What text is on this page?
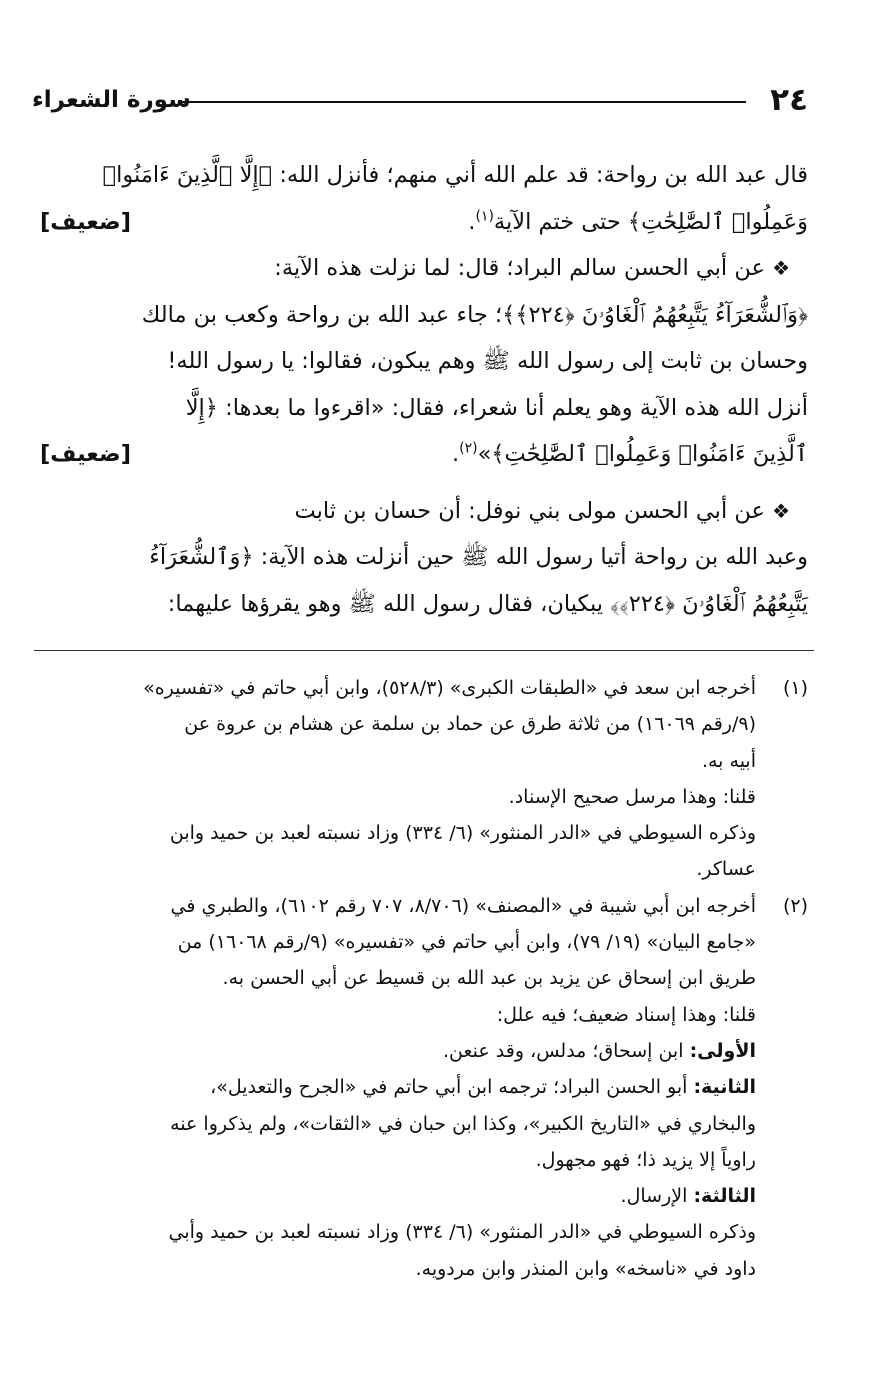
٢٤
سورة الشعراء

قال عبد الله بن رواحة: قد علم الله أني منهم؛ فأنزل الله: ﴿إِلَّا ٱلَّذِينَ ءَامَنُوا۟

[ضعيف]	وَعَمِلُوا۟ ٱلصَّٰلِحَٰتِ﴾ حتى ختم الآية$^{(١)}$.

❖ عن أبي الحسن سالم البراد؛ قال: لما نزلت هذه الآية:
﴿وَٱلشُّعَرَآءُ يَتَّبِعُهُمُ ٱلْغَاوُۥنَ ﴿٢٢٤﴾﴾؛ جاء عبد الله بن رواحة وكعب بن مالك
وحسان بن ثابت إلى رسول الله ﷺ وهم يبكون، فقالوا: يا رسول الله!
أنزل الله هذه الآية وهو يعلم أنا شعراء، فقال: «اقرءوا ما بعدها: ﴿إِلَّا

[ضعيف]	ٱلَّذِينَ ءَامَنُوا۟ وَعَمِلُوا۟ ٱلصَّٰلِحَٰتِ﴾»$^{(٢)}$.

❖ عن أبي الحسن مولى بني نوفل: أن حسان بن ثابت
وعبد الله بن رواحة أتيا رسول الله ﷺ حين أنزلت هذه الآية: ﴿وَٱلشُّعَرَآءُ
يَتَّبِعُهُمُ ٱلْغَاوُۥنَ ﴿٢٢٤﴾﴾ يبكيان، فقال رسول الله ﷺ وهو يقرؤها عليهما:

(١)

أخرجه ابن سعد في «الطبقات الكبرى» (٥٢٨/٣)، وابن أبي حاتم في «تفسيره»

(٩/رقم ١٦٠٦٩) من ثلاثة طرق عن حماد بن سلمة عن هشام بن عروة عن

أبيه به.

قلنا: وهذا مرسل صحيح الإسناد.

وذكره السيوطي في «الدر المنثور» (٦/ ٣٣٤) وزاد نسبته لعبد بن حميد وابن

عساكر.

(٢)

أخرجه ابن أبي شيبة في «المصنف» (٨/٧٠٦، ٧٠٧ رقم ٦١٠٢)، والطبري في

«جامع البيان» (١٩/ ٧٩)، وابن أبي حاتم في «تفسيره» (٩/رقم ١٦٠٦٨) من

طريق ابن إسحاق عن يزيد بن عبد الله بن قسيط عن أبي الحسن به.

قلنا: وهذا إسناد ضعيف؛ فيه علل:

الأولى: ابن إسحاق؛ مدلس، وقد عنعن.

الثانية: أبو الحسن البراد؛ ترجمه ابن أبي حاتم في «الجرح والتعديل»،

والبخاري في «التاريخ الكبير»، وكذا ابن حبان في «الثقات»، ولم يذكروا عنه

راوياً إلا يزيد ذا؛ فهو مجهول.

الثالثة: الإرسال.

وذكره السيوطي في «الدر المنثور» (٦/ ٣٣٤) وزاد نسبته لعبد بن حميد وأبي

داود في «ناسخه» وابن المنذر وابن مردويه.
